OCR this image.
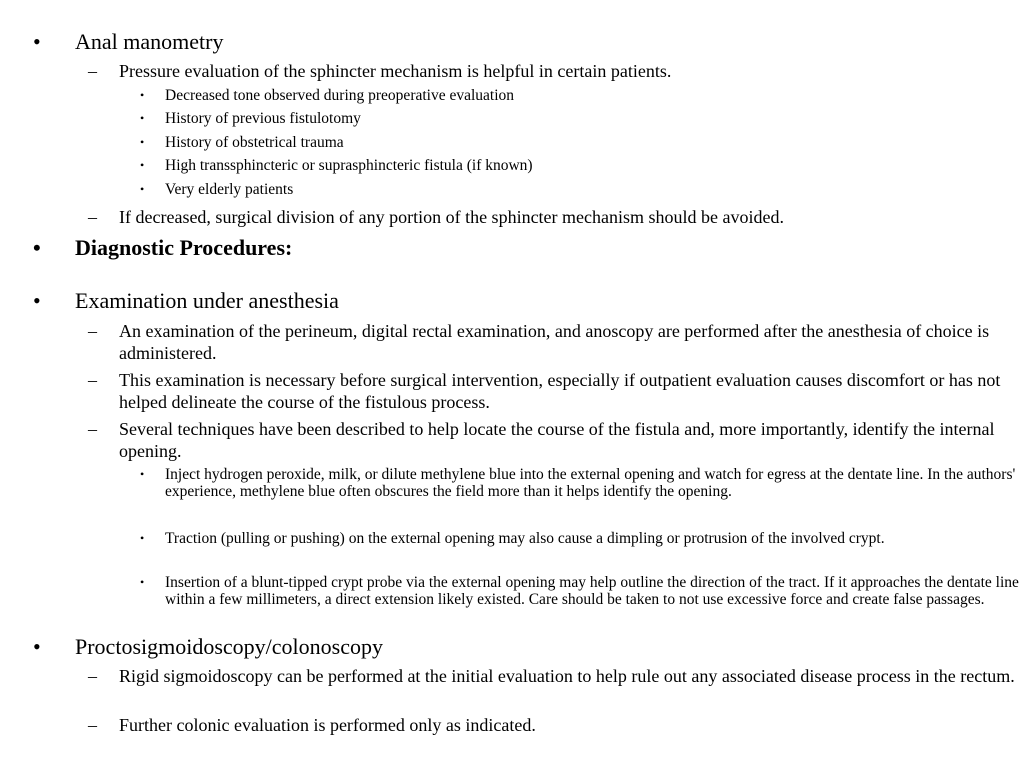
• Anal manometry
– Pressure evaluation of the sphincter mechanism is helpful in certain patients.
• Decreased tone observed during preoperative evaluation
• History of previous fistulotomy
• History of obstetrical trauma
• High transsphincteric or suprasphincteric fistula (if known)
• Very elderly patients
– If decreased, surgical division of any portion of the sphincter mechanism should be avoided.
• Diagnostic Procedures:
• Examination under anesthesia
– An examination of the perineum, digital rectal examination, and anoscopy are performed after the anesthesia of choice is administered.
– This examination is necessary before surgical intervention, especially if outpatient evaluation causes discomfort or has not helped delineate the course of the fistulous process.
– Several techniques have been described to help locate the course of the fistula and, more importantly, identify the internal opening.
• Inject hydrogen peroxide, milk, or dilute methylene blue into the external opening and watch for egress at the dentate line. In the authors' experience, methylene blue often obscures the field more than it helps identify the opening.
• Traction (pulling or pushing) on the external opening may also cause a dimpling or protrusion of the involved crypt.
• Insertion of a blunt-tipped crypt probe via the external opening may help outline the direction of the tract. If it approaches the dentate line within a few millimeters, a direct extension likely existed. Care should be taken to not use excessive force and create false passages.
• Proctosigmoidoscopy/colonoscopy
– Rigid sigmoidoscopy can be performed at the initial evaluation to help rule out any associated disease process in the rectum.
– Further colonic evaluation is performed only as indicated.
